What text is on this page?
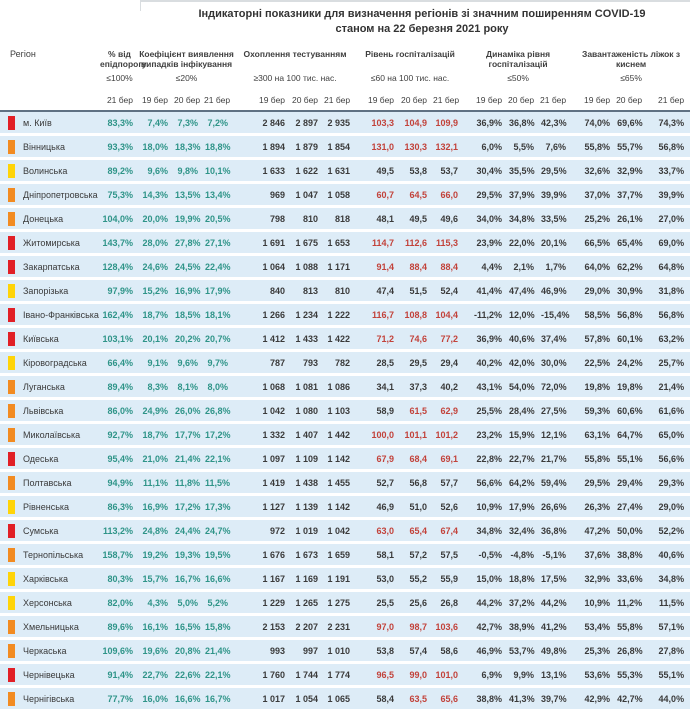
Індикаторні показники для визначення регіонів зі значним поширенням COVID-19
станом на 22 березня 2021 року
Регіон	% від епідпорогу	Коефіцієнт виявлення випадків інфікування			Охоплення тестуванням			Рівень госпіталізацій			Динаміка рівня госпіталізацій			Завантаженість ліжок з киснем		
	≤100%	≤20%			≥300 на 100 тис. нас.			≤60 на 100 тис. нас.			≤50%			≤65%		
	21 бер	19 бер	20 бер	21 бер	19 бер	20 бер	21 бер	19 бер	20 бер	21 бер	19 бер	20 бер	21 бер	19 бер	20 бер	21 бер

м. Київ	83,3%	7,4%	7,3%	7,2%	2 846	2 897	2 935	103,3	104,9	109,9	36,9%	36,8%	42,3%	74,0%	69,6%	74,3%

Вінницька	93,3%	18,0%	18,3%	18,8%	1 894	1 879	1 854	131,0	130,3	132,1	6,0%	5,5%	7,6%	55,8%	55,7%	56,8%

Волинська	89,2%	9,6%	9,8%	10,1%	1 633	1 622	1 631	49,5	53,8	53,7	30,4%	35,5%	29,5%	32,6%	32,9%	33,7%

Дніпропетровська	75,3%	14,3%	13,5%	13,4%	969	1 047	1 058	60,7	64,5	66,0	29,5%	37,9%	39,9%	37,0%	37,7%	39,9%

Донецька	104,0%	20,0%	19,9%	20,5%	798	810	818	48,1	49,5	49,6	34,0%	34,8%	33,5%	25,2%	26,1%	27,0%

Житомирська	143,7%	28,0%	27,8%	27,1%	1 691	1 675	1 653	114,7	112,6	115,3	23,9%	22,0%	20,1%	66,5%	65,4%	69,0%

Закарпатська	128,4%	24,6%	24,5%	22,4%	1 064	1 088	1 171	91,4	88,4	88,4	4,4%	2,1%	1,7%	64,0%	62,2%	64,8%

Запорізька	97,9%	15,2%	16,9%	17,9%	840	813	810	47,4	51,5	52,4	41,4%	47,4%	46,9%	29,0%	30,9%	31,8%

Івано-Франківська	162,4%	18,7%	18,5%	18,1%	1 266	1 234	1 222	116,7	108,8	104,4	-11,2%	12,0%	-15,4%	58,5%	56,8%	56,8%

Київська	103,1%	20,1%	20,2%	20,7%	1 412	1 433	1 422	71,2	74,6	77,2	36,9%	40,6%	37,4%	57,8%	60,1%	63,2%

Кіровоградська	66,4%	9,1%	9,6%	9,7%	787	793	782	28,5	29,5	29,4	40,2%	42,0%	30,0%	22,5%	24,2%	25,7%

Луганська	89,4%	8,3%	8,1%	8,0%	1 068	1 081	1 086	34,1	37,3	40,2	43,1%	54,0%	72,0%	19,8%	19,8%	21,4%

Львівська	86,0%	24,9%	26,0%	26,8%	1 042	1 080	1 103	58,9	61,5	62,9	25,5%	28,4%	27,5%	59,3%	60,6%	61,6%

Миколаївська	92,7%	18,7%	17,7%	17,2%	1 332	1 407	1 442	100,0	101,1	101,2	23,2%	15,9%	12,1%	63,1%	64,7%	65,0%

Одеська	95,4%	21,0%	21,4%	22,1%	1 097	1 109	1 142	67,9	68,4	69,1	22,8%	22,7%	21,7%	55,8%	55,1%	56,6%

Полтавська	94,9%	11,1%	11,8%	11,5%	1 419	1 438	1 455	52,7	56,8	57,7	56,6%	64,2%	59,4%	29,5%	29,4%	29,3%

Рівненська	86,3%	16,9%	17,2%	17,3%	1 127	1 139	1 142	46,9	51,0	52,6	10,9%	17,9%	26,6%	26,3%	27,4%	29,0%

Сумська	113,2%	24,8%	24,4%	24,7%	972	1 019	1 042	63,0	65,4	67,4	34,8%	32,4%	36,8%	47,2%	50,0%	52,2%

Тернопільська	158,7%	19,2%	19,3%	19,5%	1 676	1 673	1 659	58,1	57,2	57,5	-0,5%	-4,8%	-5,1%	37,6%	38,8%	40,6%

Харківська	80,3%	15,7%	16,7%	16,6%	1 167	1 169	1 191	53,0	55,2	55,9	15,0%	18,8%	17,5%	32,9%	33,6%	34,8%

Херсонська	82,0%	4,3%	5,0%	5,2%	1 229	1 265	1 275	25,5	25,6	26,8	44,2%	37,2%	44,2%	10,9%	11,2%	11,5%

Хмельницька	89,6%	16,1%	16,5%	15,8%	2 153	2 207	2 231	97,0	98,7	103,6	42,7%	38,9%	41,2%	53,4%	55,8%	57,1%

Черкаська	109,6%	19,6%	20,8%	21,4%	993	997	1 010	53,8	57,4	58,6	46,9%	53,7%	49,8%	25,3%	26,8%	27,8%

Чернівецька	91,4%	22,7%	22,6%	22,1%	1 760	1 744	1 774	96,5	99,0	101,0	6,9%	9,9%	13,1%	53,6%	55,3%	55,1%

Чернігівська	77,7%	16,0%	16,6%	16,7%	1 017	1 054	1 065	58,4	63,5	65,6	38,8%	41,3%	39,7%	42,9%	42,7%	44,0%
